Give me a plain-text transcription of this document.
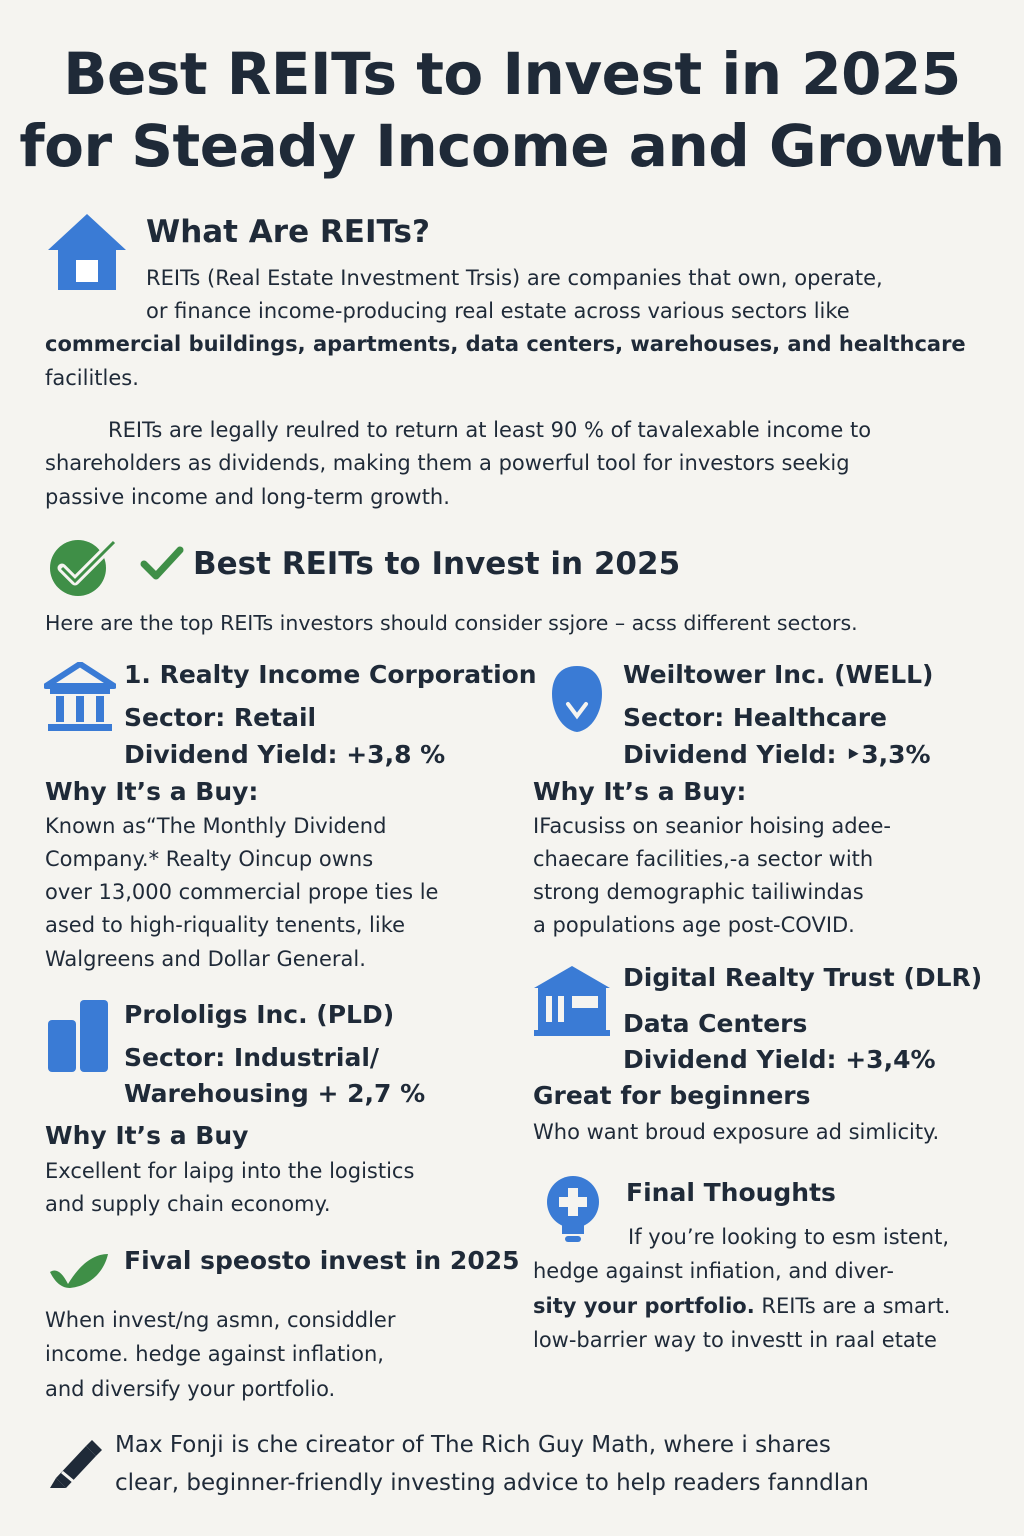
Best REITs to Invest in 2025
for Steady Income and Growth
What Are REITs?
REITs (Real Estate Investment Trsis) are companies that own, operate,
or finance income-producing real estate across various sectors like
commercial buildings, apartments, data centers, warehouses, and healthcare
facilitles.
REITs are legally reulred to return at least 90 % of tavalexable income to
shareholders as dividends, making them a powerful tool for investors seekig
passive income and long-term growth.
Best REITs to Invest in 2025
Here are the top REITs investors should consider ssjore – acss different sectors.
1. Realty Income Corporation
Sector: Retail
Dividend Yield: +3,8 %
Why It’s a Buy:
Known as“The Monthly Dividend
Company.* Realty Oincup owns
over 13,000 commercial prope ties le
ased to high-riquality tenents, like
Walgreens and Dollar General.
Weiltower Inc. (WELL)
Sector: Healthcare
Dividend Yield: ‣3,3%
Why It’s a Buy:
IFacusiss on seanior hoising adee-
chaecare facilities,-a sector with
strong demographic tailiwindas
a populations age post-COVID.
Prololigs Inc. (PLD)
Sector: Industrial/
Warehousing + 2,7 %
Why It’s a Buy
Excellent for laipg into the logistics
and supply chain economy.
Digital Realty Trust (DLR)
Data Centers
Dividend Yield: +3,4%
Great for beginners
Who want broud exposure ad simlicity.
Final Thoughts
If you’re looking to esm istent,
hedge against infiation, and diver-
sity your portfolio. REITs are a smart.
low-barrier way to investt in raal etate
Fival speosto invest in 2025
When invest/ng asmn, considdler
income. hedge against inflation,
and diversify your portfolio.
Max Fonji is che cireator of The Rich Guy Math, where i shares
clear, beginner-friendly investing advice to help readers fanndlan
